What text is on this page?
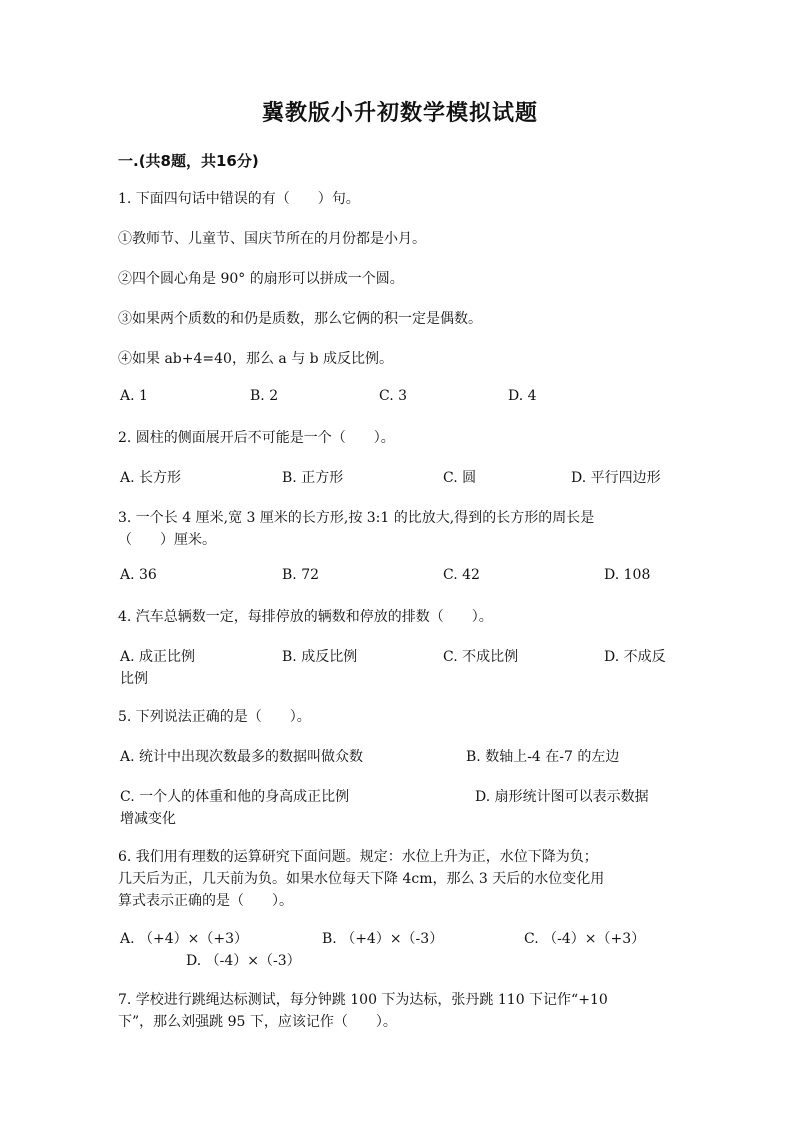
冀教版小升初数学模拟试题
一.(共8题，共16分)
1. 下面四句话中错误的有（　　）句。
①教师节、儿童节、国庆节所在的月份都是小月。
②四个圆心角是 90° 的扇形可以拼成一个圆。
③如果两个质数的和仍是质数，那么它俩的积一定是偶数。
④如果 ab+4=40，那么 a 与 b 成反比例。
A. 1	B. 2	C. 3	D. 4
2. 圆柱的侧面展开后不可能是一个（　　）。
A. 长方形	B. 正方形	C. 圆	D. 平行四边形
3. 一个长 4 厘米,宽 3 厘米的长方形,按 3:1 的比放大,得到的长方形的周长是
（　　）厘米。
A. 36	B. 72	C. 42	D. 108
4. 汽车总辆数一定，每排停放的辆数和停放的排数（　　）。
A. 成正比例	B. 成反比例	C. 不成比例	D. 不成反
比例
5. 下列说法正确的是（　　）。
A. 统计中出现次数最多的数据叫做众数	B. 数轴上-4 在-7 的左边
C. 一个人的体重和他的身高成正比例	D. 扇形统计图可以表示数据
增减变化
6. 我们用有理数的运算研究下面问题。规定：水位上升为正，水位下降为负；
几天后为正，几天前为负。如果水位每天下降 4cm，那么 3 天后的水位变化用
算式表示正确的是（　　）。
A. （+4）×（+3）	B. （+4）×（-3）	C. （-4）×（+3）
D. （-4）×（-3）
7. 学校进行跳绳达标测试，每分钟跳 100 下为达标，张丹跳 110 下记作“+10
下”，那么刘强跳 95 下，应该记作（　　）。
